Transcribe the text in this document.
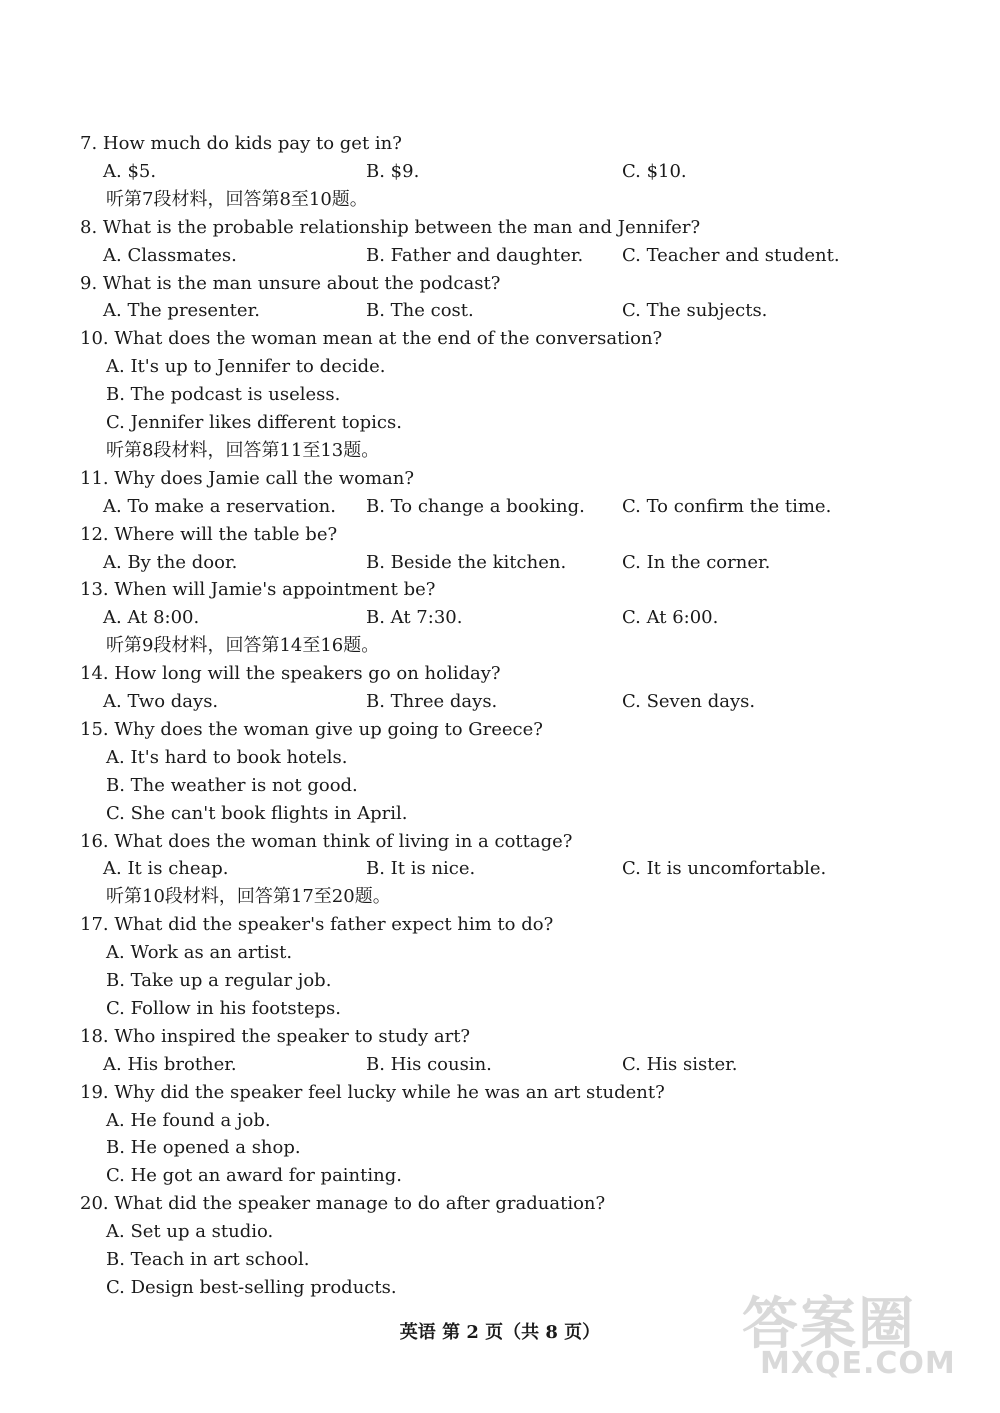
7. How much do kids pay to get in?
A. $5.	B. $9.	C. $10.
听第7段材料，回答第8至10题。
8. What is the probable relationship between the man and Jennifer?
A. Classmates.	B. Father and daughter. C. Teacher and student.
9. What is the man unsure about the podcast?
A. The presenter.	B. The cost.	C. The subjects.
10. What does the woman mean at the end of the conversation?
A. It's up to Jennifer to decide.
B. The podcast is useless.
C. Jennifer likes different topics.
听第8段材料，回答第11至13题。
11. Why does Jamie call the woman?
A. To make a reservation. B. To change a booking. C. To confirm the time.
12. Where will the table be?
A. By the door.	B. Beside the kitchen.	C. In the corner.
13. When will Jamie's appointment be?
A. At 8:00.	B. At 7:30.	C. At 6:00.
听第9段材料，回答第14至16题。
14. How long will the speakers go on holiday?
A. Two days.	B. Three days.	C. Seven days.
15. Why does the woman give up going to Greece?
A. It's hard to book hotels.
B. The weather is not good.
C. She can't book flights in April.
16. What does the woman think of living in a cottage?
A. It is cheap.	B. It is nice.	C. It is uncomfortable.
听第10段材料，回答第17至20题。
17. What did the speaker's father expect him to do?
A. Work as an artist.
B. Take up a regular job.
C. Follow in his footsteps.
18. Who inspired the speaker to study art?
A. His brother.	B. His cousin.	C. His sister.
19. Why did the speaker feel lucky while he was an art student?
A. He found a job.
B. He opened a shop.
C. He got an award for painting.
20. What did the speaker manage to do after graduation?
A. Set up a studio.
B. Teach in art school.
C. Design best-selling products.
英语 第 2 页（共 8 页）	答案圈
MXQE.COM
